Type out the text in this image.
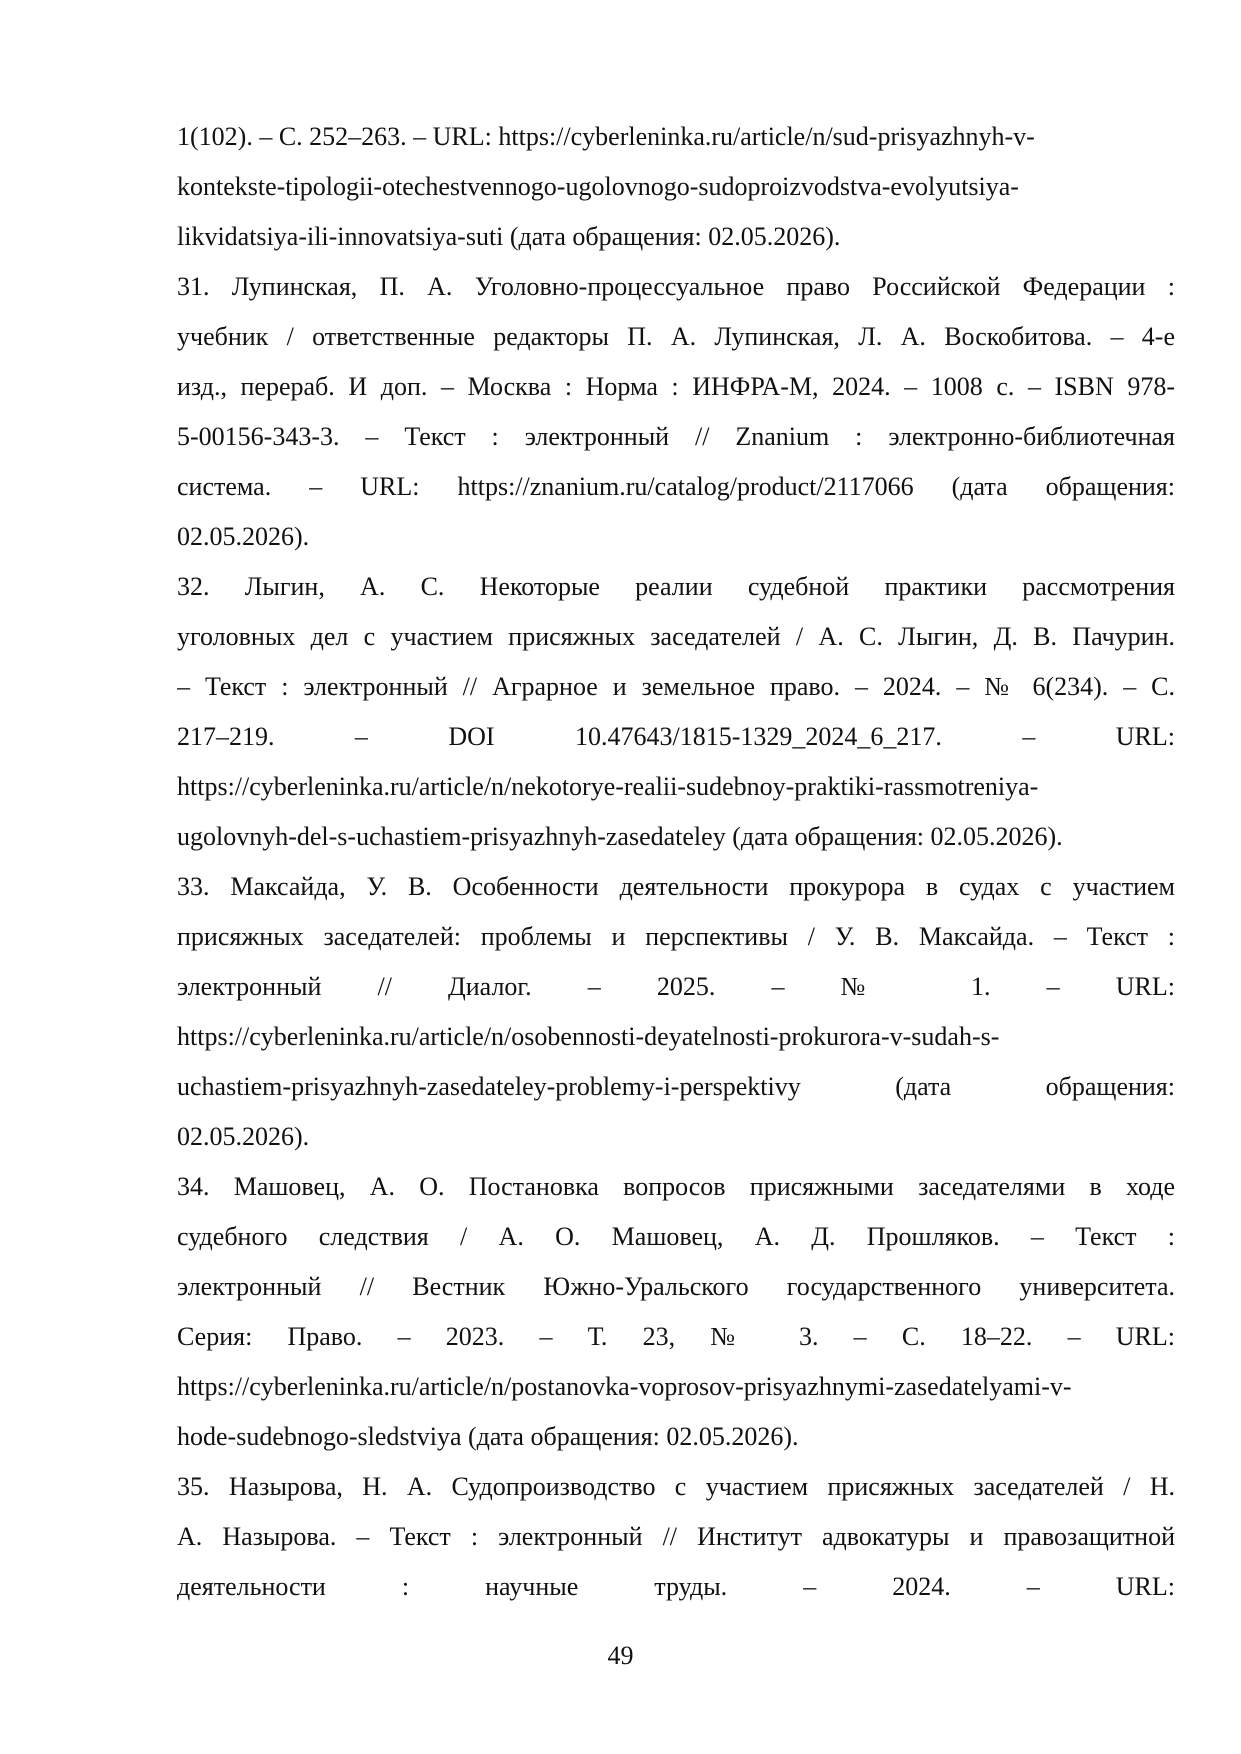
1(102). – С. 252–263. – URL: https://cyberleninka.ru/article/n/sud-prisyazhnyh-v-
kontekste-tipologii-otechestvennogo-ugolovnogo-sudoproizvodstva-evolyutsiya-
likvidatsiya-ili-innovatsiya-suti (дата обращения: 02.05.2026).
31. Лупинская, П. А. Уголовно-процессуальное право Российской Федерации :
учебник / ответственные редакторы П. А. Лупинская, Л. А. Воскобитова. – 4-е
изд., перераб. И доп. – Москва : Норма : ИНФРА-М, 2024. – 1008 с. – ISBN 978-
5-00156-343-3. – Текст : электронный // Znanium : электронно-библиотечная
система. – URL: https://znanium.ru/catalog/product/2117066 (дата обращения:
02.05.2026).
32. Лыгин, А. С. Некоторые реалии судебной практики рассмотрения
уголовных дел с участием присяжных заседателей / А. С. Лыгин, Д. В. Пачурин.
– Текст : электронный // Аграрное и земельное право. – 2024. – № 6(234). – С.
217–219. – DOI 10.47643/1815-1329_2024_6_217. – URL:
https://cyberleninka.ru/article/n/nekotorye-realii-sudebnoy-praktiki-rassmotreniya-
ugolovnyh-del-s-uchastiem-prisyazhnyh-zasedateley (дата обращения: 02.05.2026).
33. Максайда, У. В. Особенности деятельности прокурора в судах с участием
присяжных заседателей: проблемы и перспективы / У. В. Максайда. – Текст :
электронный // Диалог. – 2025. – № 1. – URL:
https://cyberleninka.ru/article/n/osobennosti-deyatelnosti-prokurora-v-sudah-s-
uchastiem-prisyazhnyh-zasedateley-problemy-i-perspektivy (дата обращения:
02.05.2026).
34. Машовец, А. О. Постановка вопросов присяжными заседателями в ходе
судебного следствия / А. О. Машовец, А. Д. Прошляков. – Текст :
электронный // Вестник Южно-Уральского государственного университета.
Серия: Право. – 2023. – Т. 23, № 3. – С. 18–22. – URL:
https://cyberleninka.ru/article/n/postanovka-voprosov-prisyazhnymi-zasedatelyami-v-
hode-sudebnogo-sledstviya (дата обращения: 02.05.2026).
35. Назырова, Н. А. Судопроизводство с участием присяжных заседателей / Н.
А. Назырова. – Текст : электронный // Институт адвокатуры и правозащитной
деятельности : научные труды. – 2024. – URL:
49
